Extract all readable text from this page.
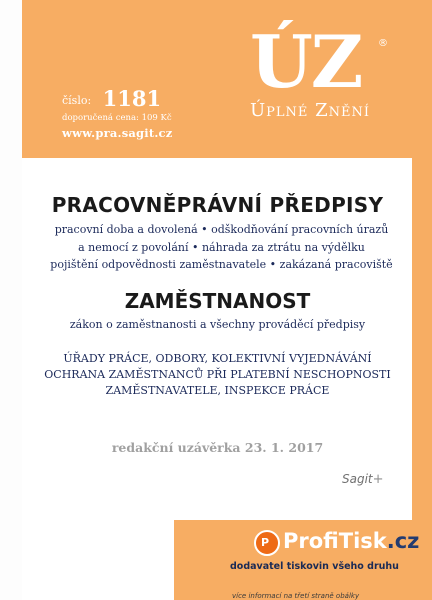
číslo: 1181
doporučená cena: 109 Kč
www.pra.sagit.cz
ÚZ	®
Úplné Znění
PRACOVNĚPRÁVNÍ PŘEDPISY
pracovní doba a dovolená • odškodňování pracovních úrazů
a nemocí z povolání • náhrada za ztrátu na výdělku
pojištění odpovědnosti zaměstnavatele • zakázaná pracoviště
ZAMĚSTNANOST
zákon o zaměstnanosti a všechny prováděcí předpisy
ÚŘADY PRÁCE, ODBORY, KOLEKTIVNÍ VYJEDNÁVÁNÍ
OCHRANA ZAMĚSTNANCŮ PŘI PLATEBNÍ NESCHOPNOSTI
ZAMĚSTNAVATELE, INSPEKCE PRÁCE
redakční uzávěrka 23. 1. 2017
Sagit+
P ProfiTisk.cz
dodavatel tiskovin všeho druhu
více informací na třetí straně obálky
